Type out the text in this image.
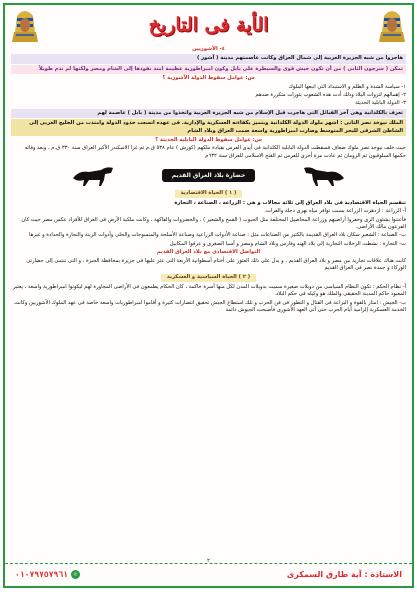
الأية فى التاريخ
٤- الأشوريين
هاجروا من شبه الجزيرة العربية إلى شمال العراق وكانت عاصمتهم مدينة ( آشور )
تمكن ( سرجون الثانى ) من أن تكون جيش قوى والسيطرة على بابل وكون امبراطورية عظيمة امتد نفوذها إلى الشام ومصر ولكنها لم تدم طويلاً
س: عوامل سقوط الدولة الآشورية ؟
١- سياسة الشدة و الظلم و الاستبداد التي اتبعها الملوك
٢- إهمالهم لثروات البلاد وذلك أدت هذه الشعوب بثورات متكررة ضدهم
٣- الدولة البابلية الحديثة
تعرف بالكلدانية وهى آخر القبائل التى هاجرت قبل الإسلام من شبه الجزيرة العربية واتخذوا من مدينة ( بابل ) عاصمة لهم
الملك نبوخذ نصر الثانى : اشهر ملوك الدولة الكلدانية وبتميز بكفاءته العسكرية والإدارية. فى عهده اتسعت حدود الدولة وامتدت من الخليج العربى إلى الشاطئ الشرقى للبحر المتوسط وصارت امبراطورية واسعة ضمت العراق وبلاد الشام
س: عوامل سقوط الدولة البابلية الحديثة ؟
حيث خلف نبوخذ نصر ملوك ضعاف فسقطت الدولة البابلية الكلدانية فى أيدى الفرس بقيادة ملكهم (كورش ) عام ٥٣٨ ق.م ثم غزا الاسكندر الأكبر العراق سنة ٣٣٠ ق.م ، وبعد وفاته حكمها السلوقيون ثم الرومان ثم عادت مرة أخرى للفرس ثم الفتح الاسلامى للعراق سنة ٦٣٢م
حضارة بلاد العراق القديم
( ١ ) الحياة الاقتصادية
تنقسم الحياة الاقتصادية فى بلاد العراق إلى ثلاثة مجالات و هى : الزراعة ، الصناعة ، التجارة
أ- الزراعة : ازدهرت الزراعة بسبب توافر مياه نهرى دجلة والفرات.
فأعتنوا بشئون الرى وحفروا أراضيهم وزراعة المحاصيل المختلفة مثل الحبوب ( القمح والشعير ) ، والخضروات والفاكهة ، وكانت ملكية الأرض فى العراق للأفراد عكس مصر حيث كان الفرعون مالك الأراضى.
ب- الصناعة : الشعير سكان بلاد العراق القديمة بالكثير من الصناعات مثل : صناعة الأدوات الزراعية وصناعة الأسلحة والمنسوجات والحلى وأدوات الزينة والتجارة والحدادة و غيرها
ت- التجارة : نشطت الرحلات التجارية إلى بلاد الهند وفارس وبلاد الشام ومصر و آسيا الصغرى و عرفوا المكاييل
التواصل الاقتصادى مع بلاد العراق القديم
كانت هناك علاقات تجارية بين مصر و بلاد العراق القديم ، و يدل على ذلك العثور على أختام أسطوانية الأربعة التى عثر عليها فى جزيرة بمحافظة الجيزة ، و التى تنتمى إلى حضارتى الوركاء و جمدة نصر فى العراق القديم
( ٢ ) الحياة السياسية و العسكرية
أ- نظام الحكم : تكون النظام السياسى من دويلات صغيرة سميت بدويلات المدن لكل منها أسرة حاكمة ، كان الحكام يطمعون فى الأراضى المجاورة لهم ليكونوا امبراطورية واسعة ، يعتبر المعبود حاكم المدينة الحقيقى والملك هو وكيله فى حكم البلاد.
ب- الجيش : امتاز بالقوة و البراعة فى القتال و التطور فى فن الحرب و تلك استطاع الجيش تحقيق انتصارات كثيرة و أقاموا امبراطوريات واسعة خاصة فى عهد الملوك الأشوريين وكانت الخدمة العسكرية إلزامية أيام الحرب حتى أتى العهد الآشورى فأصبحت الجيوش دائمة
٢
الاستاذة : آية طارق السمكرى
٠١٠٧٩٧٥٧٩٦١ ✆
